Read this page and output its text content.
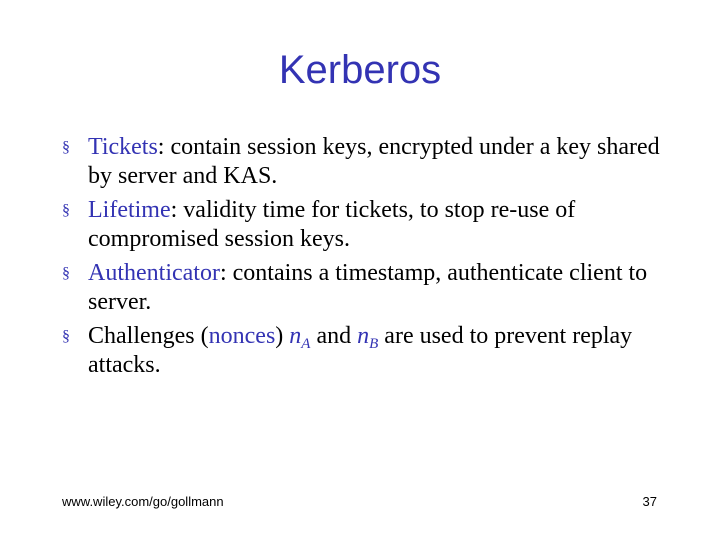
Kerberos
§ Tickets: contain session keys, encrypted under a key shared by server and KAS.
§ Lifetime: validity time for tickets, to stop re-use of compromised session keys.
§ Authenticator: contains a timestamp, authenticate client to server.
§ Challenges (nonces) $n_A$ and $n_B$ are used to prevent replay attacks.
www.wiley.com/go/gollmann	37
